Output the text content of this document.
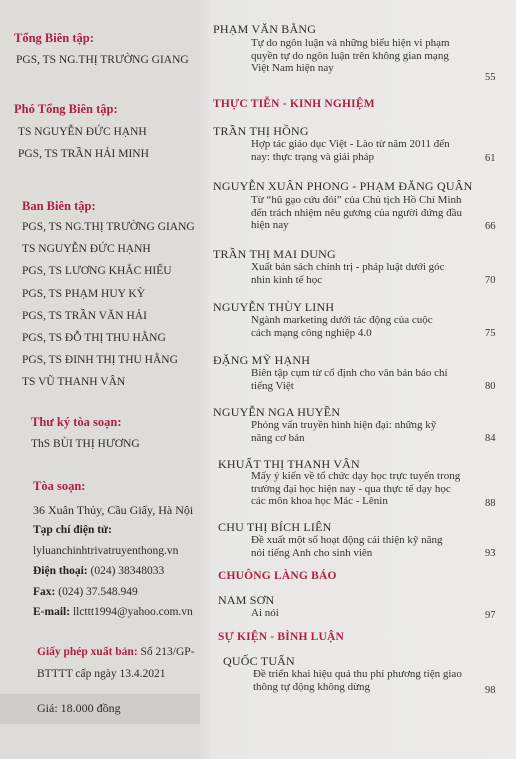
Tổng Biên tập:
PGS, TS NG.THỊ TRƯỜNG GIANG
Phó Tổng Biên tập:
TS NGUYỄN ĐỨC HẠNH
PGS, TS TRẦN HẢI MINH
Ban Biên tập:
PGS, TS NG.THỊ TRƯỜNG GIANG
TS NGUYỄN ĐỨC HẠNH
PGS, TS LƯƠNG KHẮC HIẾU
PGS, TS PHẠM HUY KỲ
PGS, TS TRẦN VĂN HẢI
PGS, TS ĐỖ THỊ THU HẰNG
PGS, TS ĐINH THỊ THU HẰNG
TS VŨ THANH VÂN
Thư ký tòa soạn:
ThS BÙI THỊ HƯƠNG
Tòa soạn:
36 Xuân Thủy, Cầu Giấy, Hà Nội
Tạp chí điện tử:
lyluanchinhtrivatruyenthong.vn
Điện thoại: (024) 38348033
Fax: (024) 37.548.949
E-mail: llcttt1994@yahoo.com.vn
Giấy phép xuất bản: Số 213/GP-
BTTTT cấp ngày 13.4.2021
Giá: 18.000 đồng
PHẠM VĂN BẰNG
Tự do ngôn luận và những biểu hiện vi phạm quyền tự do ngôn luận trên không gian mạng Việt Nam hiện nay
55
THỰC TIỄN - KINH NGHIỆM
TRẦN THỊ HỒNG
Hợp tác giáo dục Việt - Lào từ năm 2011 đến nay: thực trạng và giải pháp	61
NGUYỄN XUÂN PHONG - PHẠM ĐĂNG QUÂN
Từ “hũ gạo cứu đói” của Chủ tịch Hồ Chí Minh đến trách nhiệm nêu gương của người đứng đầu hiện nay	66
TRẦN THỊ MAI DUNG
Xuất bản sách chính trị - pháp luật dưới góc nhìn kinh tế học	70
NGUYỄN THÙY LINH
Ngành marketing dưới tác động của cuộc cách mạng công nghiệp 4.0	75
ĐẶNG MỸ HẠNH
Biên tập cụm từ cố định cho văn bản báo chí tiếng Việt	80
NGUYỄN NGA HUYỀN
Phỏng vấn truyền hình hiện đại: những kỹ năng cơ bản	84
KHUẤT THỊ THANH VÂN
Mấy ý kiến về tổ chức dạy học trực tuyến trong trường đại học hiện nay - qua thực tế dạy học các môn khoa học Mác - Lênin	88
CHU THỊ BÍCH LIÊN
Đề xuất một số hoạt động cải thiện kỹ năng nói tiếng Anh cho sinh viên	93
CHUÔNG LÀNG BÁO
NAM SƠN
Ai nói	97
SỰ KIỆN - BÌNH LUẬN
QUỐC TUẤN
Đề triển khai hiệu quả thu phí phương tiện giao thông tự động không dừng	98
